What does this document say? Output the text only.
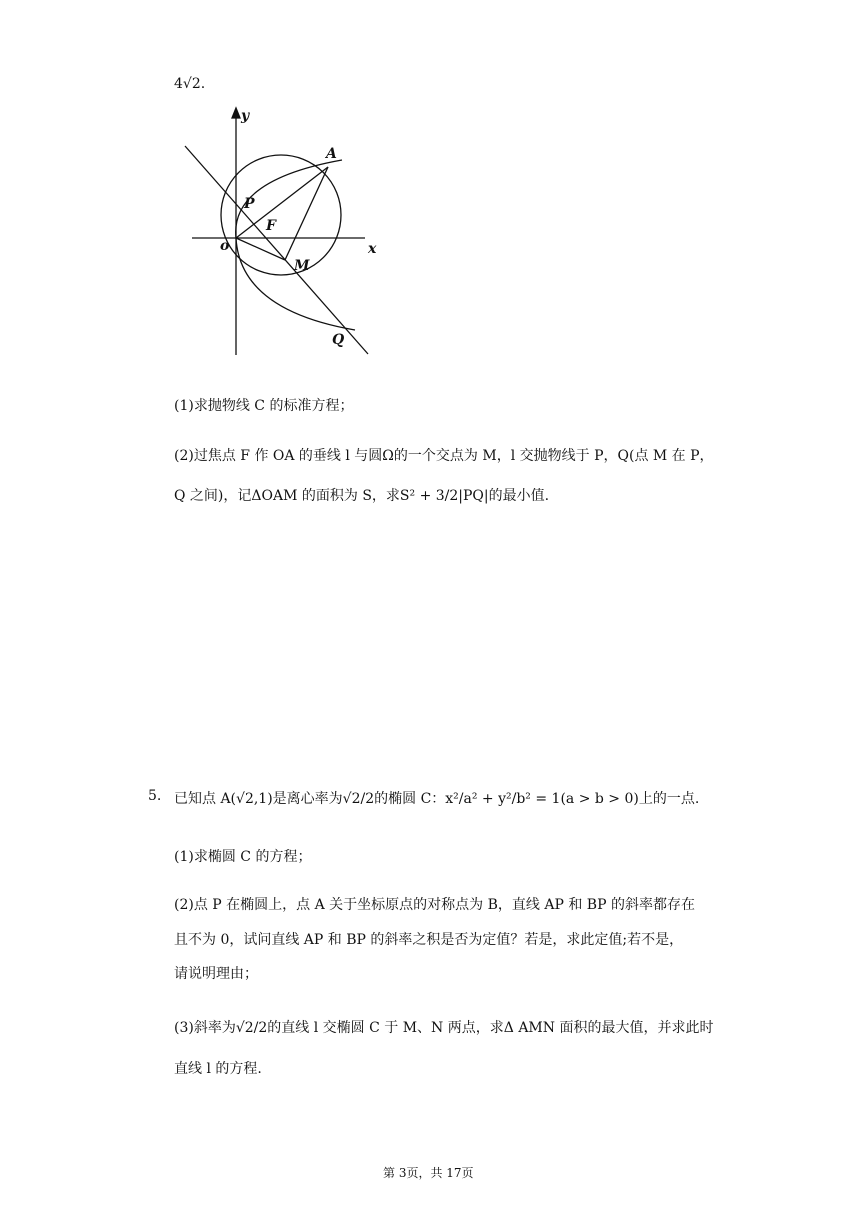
4√2.
y
x
o
A
P
F
M
Q
(1)求抛物线 C 的标准方程；
(2)过焦点 F 作 OA 的垂线 l 与圆Ω的一个交点为 M，l 交抛物线于 P，Q(点 M 在 P，
Q 之间)，记ΔOAM 的面积为 S，求S² + 3/2|PQ|的最小值.
5. 已知点 A(√2,1)是离心率为√2/2的椭圆 C：x²/a² + y²/b² = 1(a > b > 0)上的一点.
(1)求椭圆 C 的方程；
(2)点 P 在椭圆上，点 A 关于坐标原点的对称点为 B，直线 AP 和 BP 的斜率都存在
且不为 0，试问直线 AP 和 BP 的斜率之积是否为定值？若是，求此定值;若不是，
请说明理由；
(3)斜率为√2/2的直线 l 交椭圆 C 于 M、N 两点，求Δ AMN 面积的最大值，并求此时
直线 l 的方程.
第 3页，共 17页
